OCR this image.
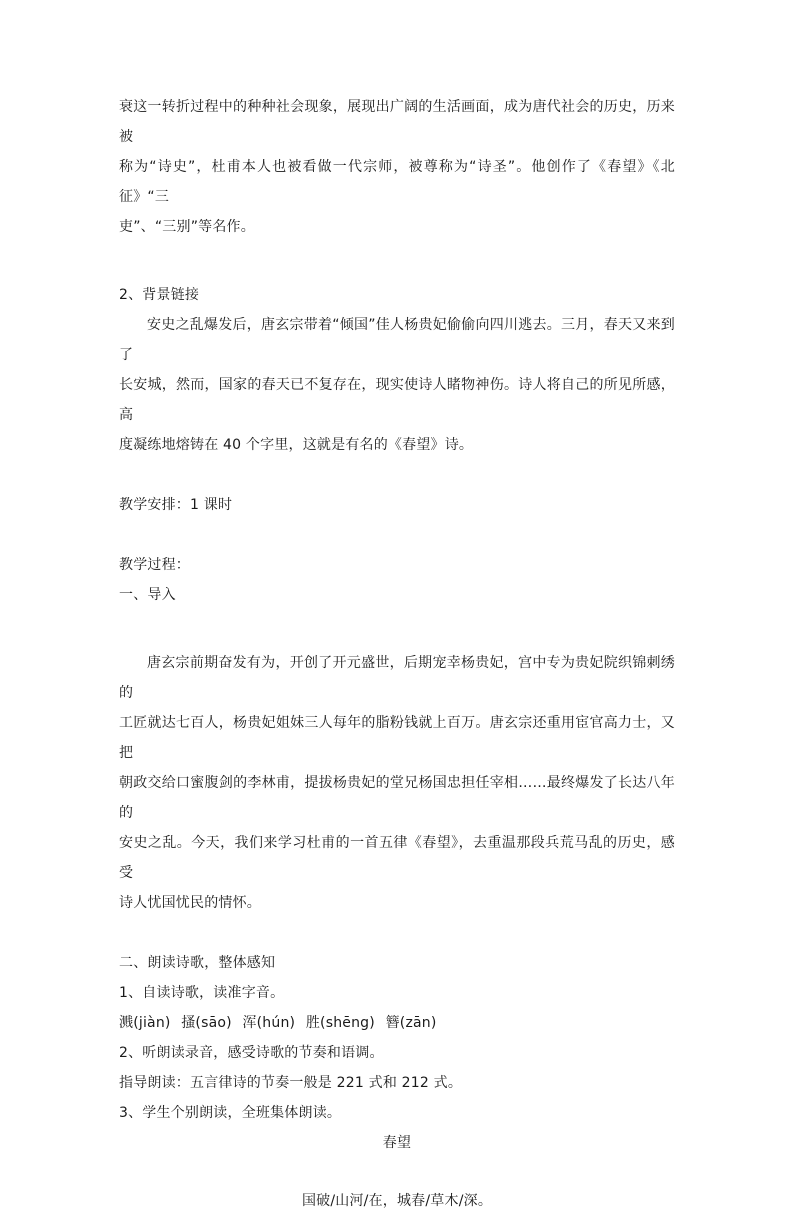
衰这一转折过程中的种种社会现象，展现出广阔的生活画面，成为唐代社会的历史，历来被

称为“诗史”，杜甫本人也被看做一代宗师，被尊称为“诗圣”。他创作了《春望》《北征》“三

吏”、“三别”等名作。

2、背景链接

安史之乱爆发后，唐玄宗带着“倾国”佳人杨贵妃偷偷向四川逃去。三月，春天又来到了

长安城，然而，国家的春天已不复存在，现实使诗人睹物神伤。诗人将自己的所见所感，高

度凝练地熔铸在 40 个字里，这就是有名的《春望》诗。

教学安排：1 课时

教学过程：

一、导入

唐玄宗前期奋发有为，开创了开元盛世，后期宠幸杨贵妃，宫中专为贵妃院织锦刺绣的

工匠就达七百人，杨贵妃姐妹三人每年的脂粉钱就上百万。唐玄宗还重用宦官高力士，又把

朝政交给口蜜腹剑的李林甫，提拔杨贵妃的堂兄杨国忠担任宰相……最终爆发了长达八年的

安史之乱。今天，我们来学习杜甫的一首五律《春望》，去重温那段兵荒马乱的历史，感受

诗人忧国忧民的情怀。

二、朗读诗歌，整体感知

1、自读诗歌，读准字音。

溅(jiàn) 搔(sāo) 浑(hún) 胜(shēng) 簪(zān)

2、听朗读录音，感受诗歌的节奏和语调。

指导朗读：五言律诗的节奏一般是 221 式和 212 式。

3、学生个别朗读，全班集体朗读。

春望

国破/山河/在，城春/草木/深。
